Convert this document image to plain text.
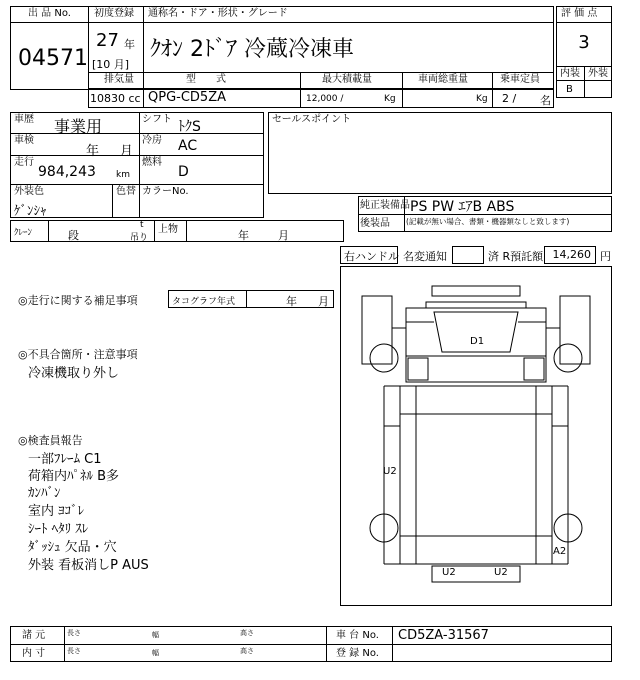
出 品 No.
04571
初度登録
27 年
[10 月]
通称名・ドア・形状・グレード
ｸｵﾝ 2ﾄﾞｱ 冷蔵冷凍車
評 価 点
3
内装 外装
B
排気量	型　　式	最大積載量	車両総重量	乗車定員
10830 cc QPG-CD5ZA	12,000 /	Kg	Kg 2 / 名
車歴 事業用	シフト ﾄｸS
車検
年 月
冷房 AC
走行
984,243 km
燃料
D
外装色
ｹﾞﾝｼｬ
色替 カラーNo.
セールスポイント
純正装備品 PS PW ｴｱB ABS
後装品 (記載が無い場合、書類・機器類なしと致します)
ｸﾚｰﾝ	段
t
吊り
上物	年	月
右ハンドル 名変通知	済 R預託額 14,260 円
◎走行に関する補足事項	タコグラフ年式	年 月
◎不具合箇所・注意事項
冷凍機取り外し
◎検査員報告
一部ﾌﾚｰﾑ C1
荷箱内ﾊﾟﾈﾙ B多
ｶﾝﾊﾞﾝ
室内 ﾖｺﾞﾚ
ｼｰﾄ ﾍﾀﾘ ｽﾚ
ﾀﾞｯｼｭ 欠品・穴
外装 看板消しP AUS
D1
U2
A2
U2	U2
諸 元
内 寸
長さ	幅	高さ
長さ	幅	高さ
車 台 No. CD5ZA-31567
登 録 No.
